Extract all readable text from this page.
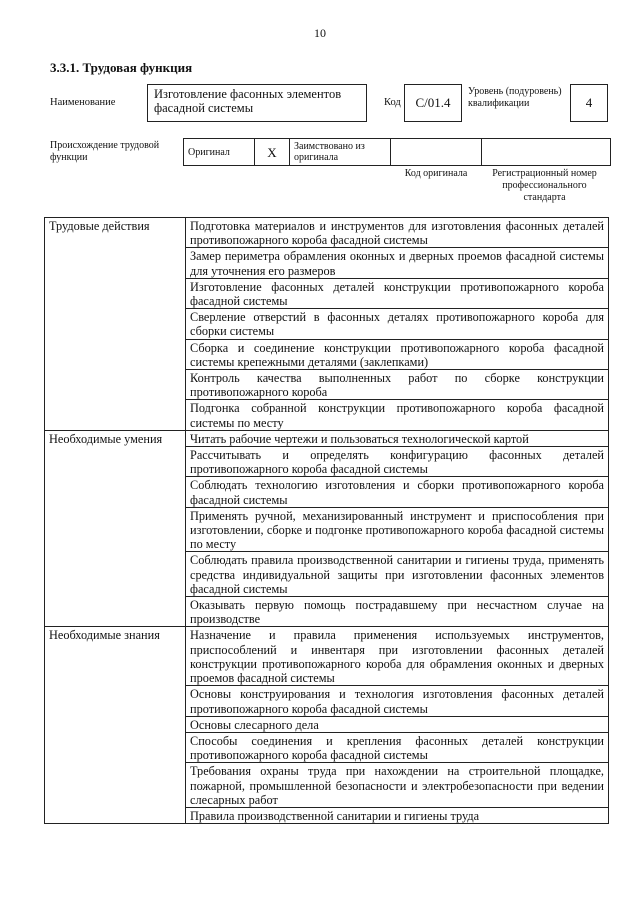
10
3.3.1. Трудовая функция
Наименование
Изготовление фасонных элементов фасадной системы	Код	С/01.4
Уровень (подуровень) квалификации	4
Происхождение трудовой функции	Оригинал	X	Заимствовано из оригинала		
Код оригинала	Регистрационный номер профессионального стандарта
Трудовые действия	Подготовка материалов и инструментов для изготовления фасонных деталей противопожарного короба фасадной системы
	Замер периметра обрамления оконных и дверных проемов фасадной системы для уточнения его размеров
	Изготовление фасонных деталей конструкции противопожарного короба фасадной системы
	Сверление отверстий в фасонных деталях противопожарного короба для сборки системы
	Сборка и соединение конструкции противопожарного короба фасадной системы крепежными деталями (заклепками)
	Контроль качества выполненных работ по сборке конструкции противопожарного короба
	Подгонка собранной конструкции противопожарного короба фасадной системы по месту
Необходимые умения	Читать рабочие чертежи и пользоваться технологической картой
	Рассчитывать и определять конфигурацию фасонных деталей противопожарного короба фасадной системы
	Соблюдать технологию изготовления и сборки противопожарного короба фасадной системы
	Применять ручной, механизированный инструмент и приспособления при изготовлении, сборке и подгонке противопожарного короба фасадной системы по месту
	Соблюдать правила производственной санитарии и гигиены труда, применять средства индивидуальной защиты при изготовлении фасонных элементов фасадной системы
	Оказывать первую помощь пострадавшему при несчастном случае на производстве
Необходимые знания	Назначение и правила применения используемых инструментов, приспособлений и инвентаря при изготовлении фасонных деталей конструкции противопожарного короба для обрамления оконных и дверных проемов фасадной системы
	Основы конструирования и технология изготовления фасонных деталей противопожарного короба фасадной системы
	Основы слесарного дела
	Способы соединения и крепления фасонных деталей конструкции противопожарного короба фасадной системы
	Требования охраны труда при нахождении на строительной площадке, пожарной, промышленной безопасности и электробезопасности при ведении слесарных работ
	Правила производственной санитарии и гигиены труда
